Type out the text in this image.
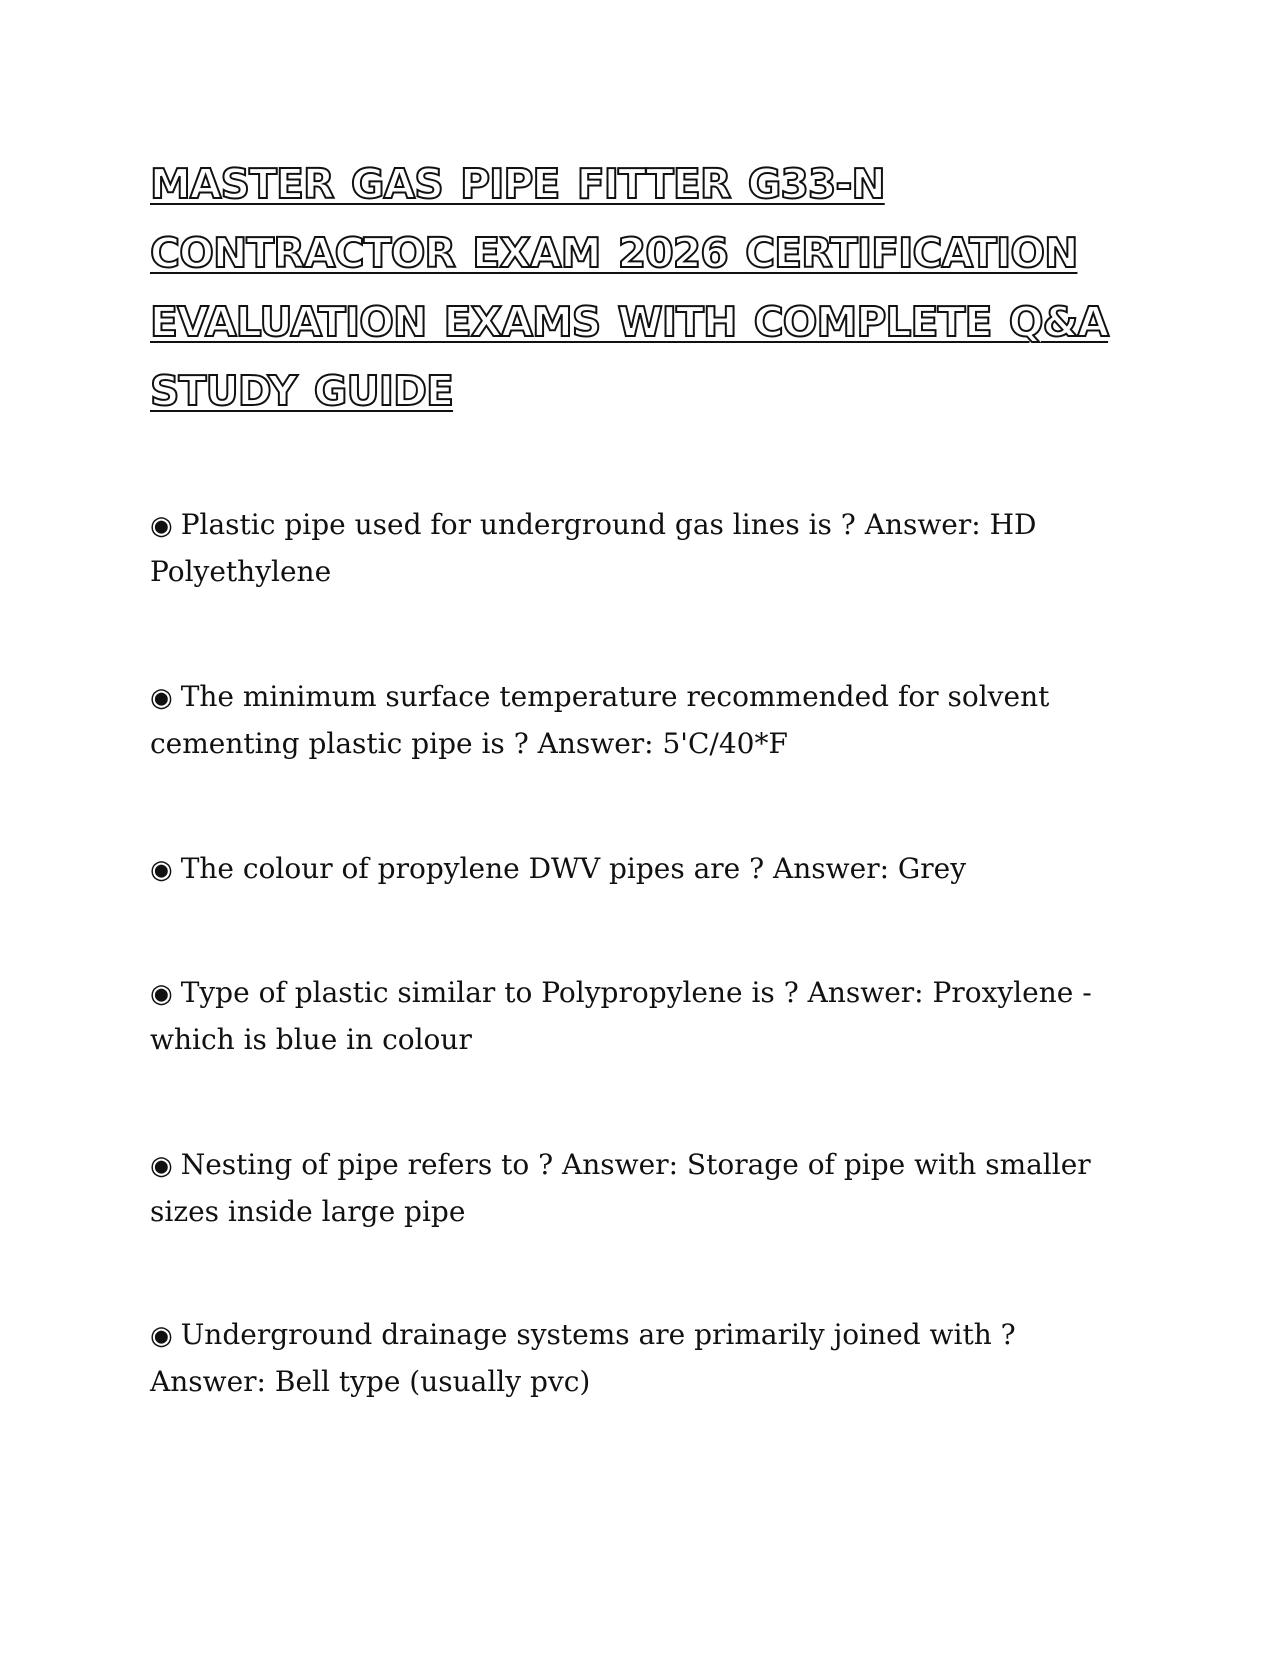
MASTER GAS PIPE FITTER G33-N CONTRACTOR EXAM 2026 CERTIFICATION EVALUATION EXAMS WITH COMPLETE Q&A STUDY GUIDE
◉ Plastic pipe used for underground gas lines is ? Answer: HD Polyethylene
◉ The minimum surface temperature recommended for solvent cementing plastic pipe is ? Answer: 5'C/40*F
◉ The colour of propylene DWV pipes are ? Answer: Grey
◉ Type of plastic similar to Polypropylene is ? Answer: Proxylene - which is blue in colour
◉ Nesting of pipe refers to ? Answer: Storage of pipe with smaller sizes inside large pipe
◉ Underground drainage systems are primarily joined with ? Answer: Bell type (usually pvc)
